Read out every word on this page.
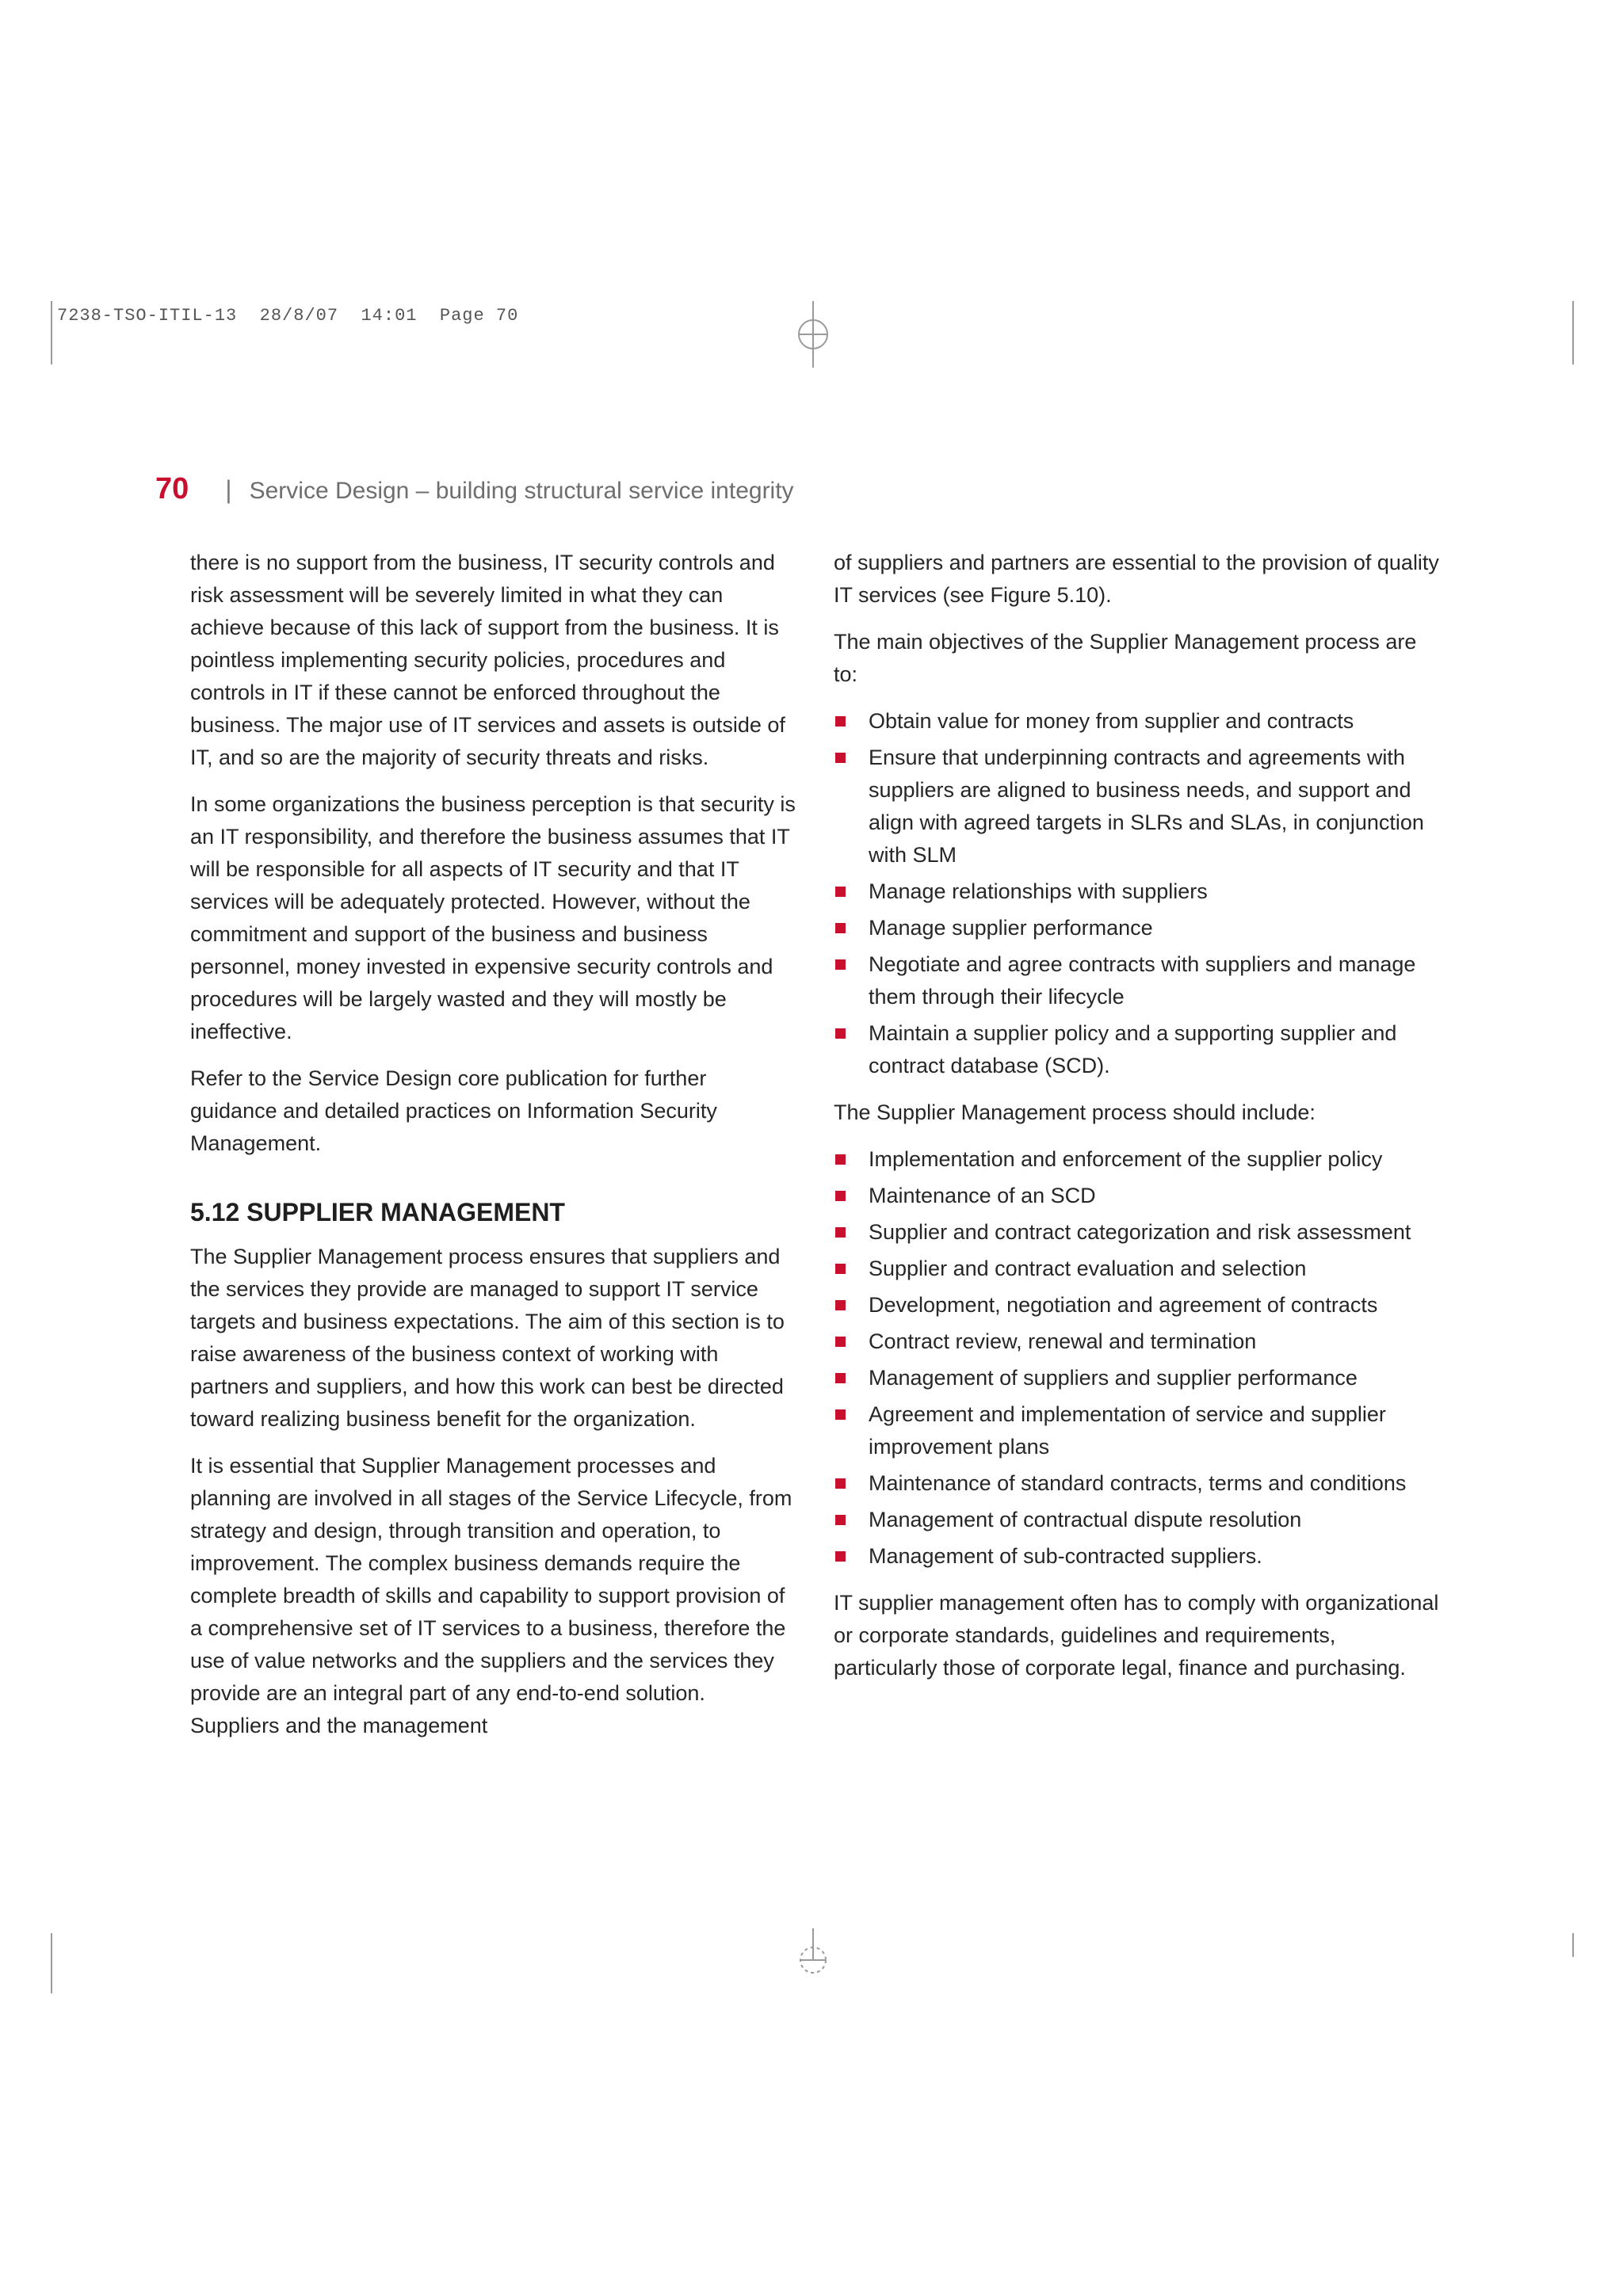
7238-TSO-ITIL-13  28/8/07  14:01  Page 70
70 | Service Design – building structural service integrity

there is no support from the business, IT security controls and risk assessment will be severely limited in what they can achieve because of this lack of support from the business. It is pointless implementing security policies, procedures and controls in IT if these cannot be enforced throughout the business. The major use of IT services and assets is outside of IT, and so are the majority of security threats and risks.

In some organizations the business perception is that security is an IT responsibility, and therefore the business assumes that IT will be responsible for all aspects of IT security and that IT services will be adequately protected. However, without the commitment and support of the business and business personnel, money invested in expensive security controls and procedures will be largely wasted and they will mostly be ineffective.

Refer to the Service Design core publication for further guidance and detailed practices on Information Security Management.

5.12 SUPPLIER MANAGEMENT

The Supplier Management process ensures that suppliers and the services they provide are managed to support IT service targets and business expectations. The aim of this section is to raise awareness of the business context of working with partners and suppliers, and how this work can best be directed toward realizing business benefit for the organization.

It is essential that Supplier Management processes and planning are involved in all stages of the Service Lifecycle, from strategy and design, through transition and operation, to improvement. The complex business demands require the complete breadth of skills and capability to support provision of a comprehensive set of IT services to a business, therefore the use of value networks and the suppliers and the services they provide are an integral part of any end-to-end solution. Suppliers and the management

of suppliers and partners are essential to the provision of quality IT services (see Figure 5.10).

The main objectives of the Supplier Management process are to:

Obtain value for money from supplier and contracts
Ensure that underpinning contracts and agreements with suppliers are aligned to business needs, and support and align with agreed targets in SLRs and SLAs, in conjunction with SLM
Manage relationships with suppliers
Manage supplier performance
Negotiate and agree contracts with suppliers and manage them through their lifecycle
Maintain a supplier policy and a supporting supplier and contract database (SCD).

The Supplier Management process should include:

Implementation and enforcement of the supplier policy
Maintenance of an SCD
Supplier and contract categorization and risk assessment
Supplier and contract evaluation and selection
Development, negotiation and agreement of contracts
Contract review, renewal and termination
Management of suppliers and supplier performance
Agreement and implementation of service and supplier improvement plans
Maintenance of standard contracts, terms and conditions
Management of contractual dispute resolution
Management of sub-contracted suppliers.

IT supplier management often has to comply with organizational or corporate standards, guidelines and requirements, particularly those of corporate legal, finance and purchasing.
